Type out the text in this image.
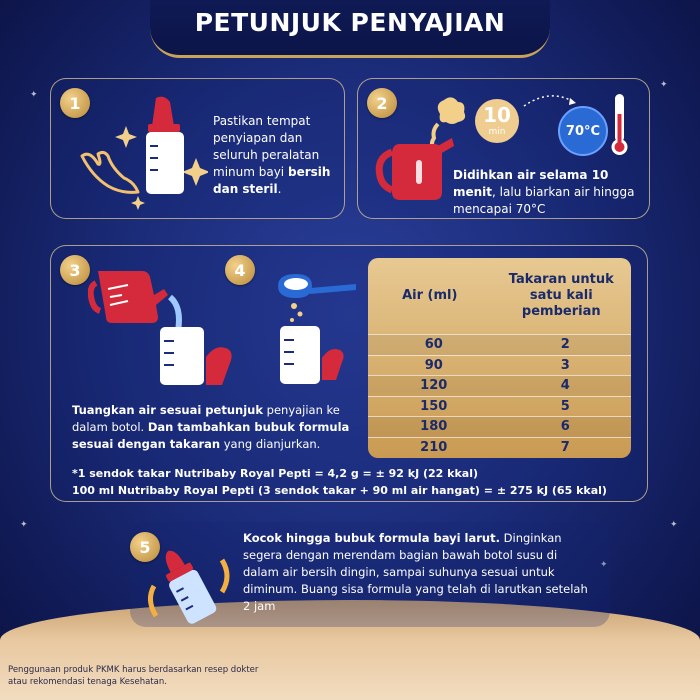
✦
✦
✦	✦
✦
PETUNJUK PENYAJIAN
1
Pastikan tempat penyiapan dan seluruh peralatan minum bayi bersih dan steril.
2	10
min	70°C
Didihkan air selama 10 menit, lalu biarkan air hingga mencapai 70°C
3	4
Tuangkan air sesuai petunjuk penyajian ke dalam botol. Dan tambahkan bubuk formula sesuai dengan takaran yang dianjurkan.
Air (ml)
Takaran untuk satu kali pemberian
60	2
90	3
120	4
150	5
180	6
210	7
*1 sendok takar Nutribaby Royal Pepti = 4,2 g = ± 92 kJ (22 kkal)
100 ml Nutribaby Royal Pepti (3 sendok takar + 90 ml air hangat) = ± 275 kJ (65 kkal)
5	Kocok hingga bubuk formula bayi larut. Dinginkan segera dengan merendam bagian bawah botol susu di dalam air bersih dingin, sampai suhunya sesuai untuk diminum. Buang sisa formula yang telah di larutkan setelah 2 jam
Penggunaan produk PKMK harus berdasarkan resep dokter atau rekomendasi tenaga Kesehatan.
